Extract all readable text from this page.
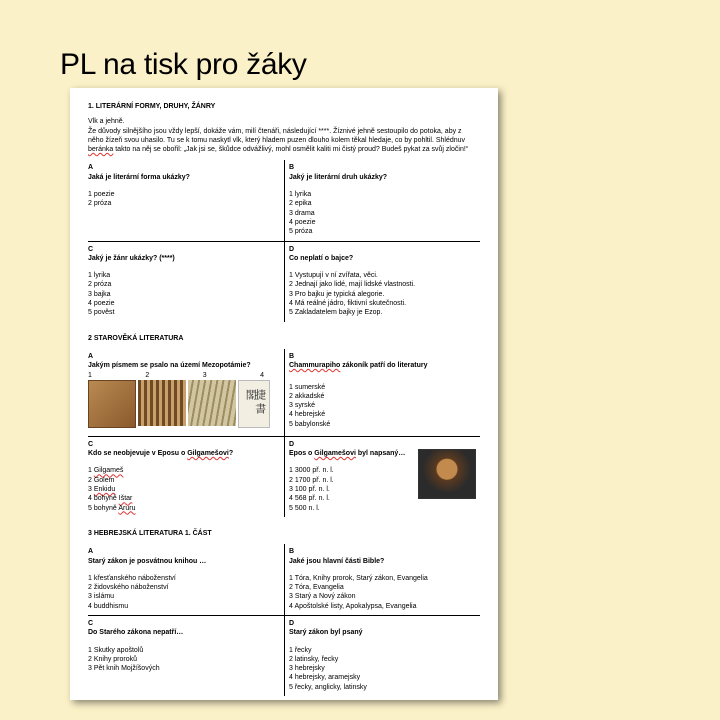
PL na tisk pro žáky
1. LITERÁRNÍ FORMY, DRUHY, ŽÁNRY

Vlk a jehně.

Že důvody silnějšího jsou vždy lepší, dokáže vám, milí čtenáři, následující ****. Žíznivé jehně sestoupilo do potoka, aby z

něho žízeň svou uhasilo. Tu se k tomu naskytl vlk, který hladem puzen dlouho kolem těkal hledaje, co by pohltil. Shlédnuv

beránka takto na něj se obořil: „Jak jsi se, škůdce odvážlivý, mohl osmělit kaliti mi čistý proud? Budeš pykat za svůj zločin!“

A
Jaká je literární forma ukázky?
1 poezie
2 próza
B
Jaký je literární druh ukázky?
1 lyrika
2 epika
3 drama
4 poezie
5 próza
C
Jaký je žánr ukázky? (****)
1 lyrika
2 próza
3 bajka
4 poezie
5 pověst
D
Co neplatí o bajce?
1 Vystupují v ní zvířata, věci.
2 Jednají jako lidé, mají lidské vlastnosti.
3 Pro bajku je typická alegorie.
4 Má reálné jádro, fiktivní skutečnosti.
5 Zakladatelem bajky je Ezop.
2 STAROVĚKÁ LITERATURA
A
Jakým písmem se psalo na území Mezopotámie?
1	2	3	4
捷 書 閣
B
Chammurapiho zákoník patří do literatury
1 sumerské
2 akkadské
3 syrské
4 hebrejské
5 babylonské
C
Kdo se neobjevuje v Eposu o Gilgamešovi?
1 Gilgameš
2 Golem
3 Enkidu
4 bohyně Ištar
5 bohyně Aruru
D
Epos o Gilgamešovi byl napsaný…
1 3000 př. n. l.
2 1700 př. n. l.
3 100 př. n. l.
4 568 př. n. l.
5 500 n. l.
3 HEBREJSKÁ LITERATURA 1. ČÁST
A
Starý zákon je posvátnou knihou …
1 křesťanského náboženství
2 židovského náboženství
3 islámu
4 buddhismu
B
Jaké jsou hlavní části Bible?
1 Tóra, Knihy prorok, Starý zákon, Evangelia
2 Tóra, Evangelia
3 Starý a Nový zákon
4 Apoštolské listy, Apokalypsa, Evangelia
C
Do Starého zákona nepatří…
1 Skutky apoštolů
2 Knihy proroků
3 Pět knih Mojžíšových
D
Starý zákon byl psaný
1 řecky
2 latinsky, řecky
3 hebrejsky
4 hebrejsky, aramejsky
5 řecky, anglicky, latinsky
